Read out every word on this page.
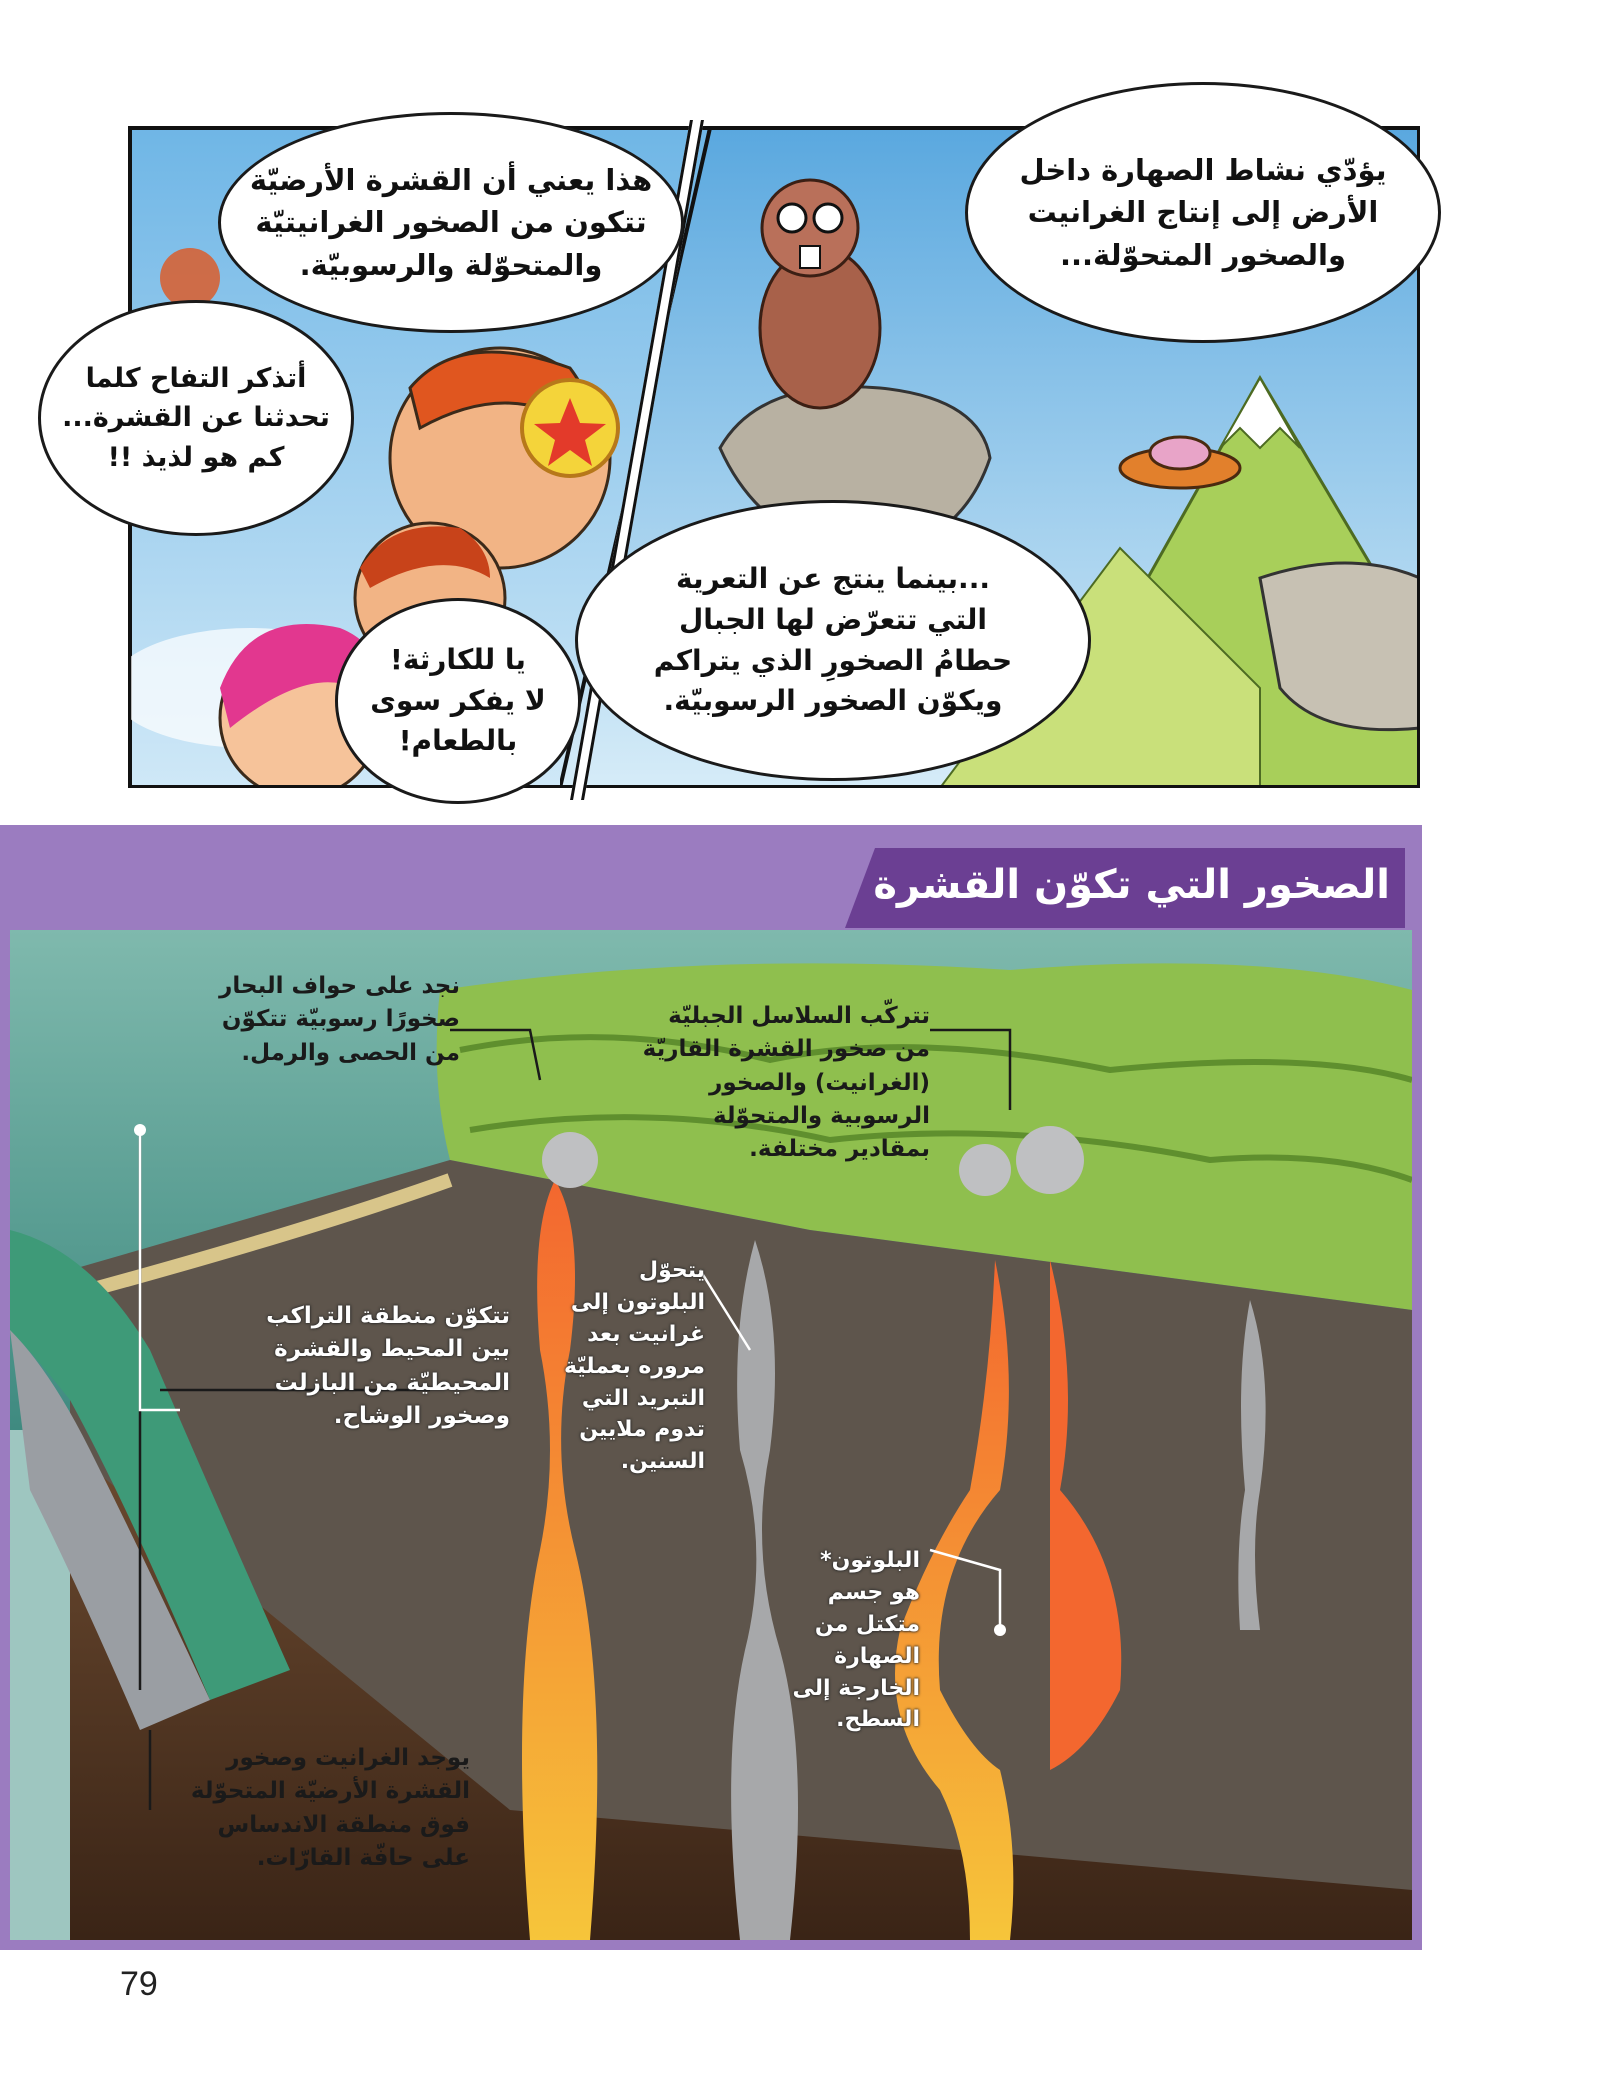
هذا يعني أن القشرة الأرضيّة
تتكون من الصخور الغرانيتيّة
والمتحوّلة والرسوبيّة.
أتذكر التفاح كلما
تحدثنا عن القشرة...
كم هو لذيذ !!
يا للكارثة!
لا يفكر سوى
بالطعام!
يؤدّي نشاط الصهارة داخل
الأرض إلى إنتاج الغرانيت
والصخور المتحوّلة...
...بينما ينتج عن التعرية
التي تتعرّض لها الجبال
حطامُ الصخورِ الذي يتراكم
ويكوّن الصخور الرسوبيّة.
الصخور التي تكوّن القشرة
نجد على حواف البحار
صخورًا رسوبيّة تتكوّن
من الحصى والرمل.
تتركّب السلاسل الجبليّة
من صخور القشرة القاريّة
(الغرانيت) والصخور
الرسوبية والمتحوّلة
بمقادير مختلفة.
تتكوّن منطقة التراكب
بين المحيط والقشرة
المحيطيّة من البازلت
وصخور الوشاح.
يتحوّل
البلوتون إلى
غرانيت بعد
مروره بعمليّة
التبريد التي
تدوم ملايين
السنين.
البلوتون*
هو جسم
متكتل من
الصهارة
الخارجة إلى
السطح.
يوجد الغرانيت وصخور
القشرة الأرضيّة المتحوّلة
فوق منطقة الاندساس
على حافّة القارّات.
79
